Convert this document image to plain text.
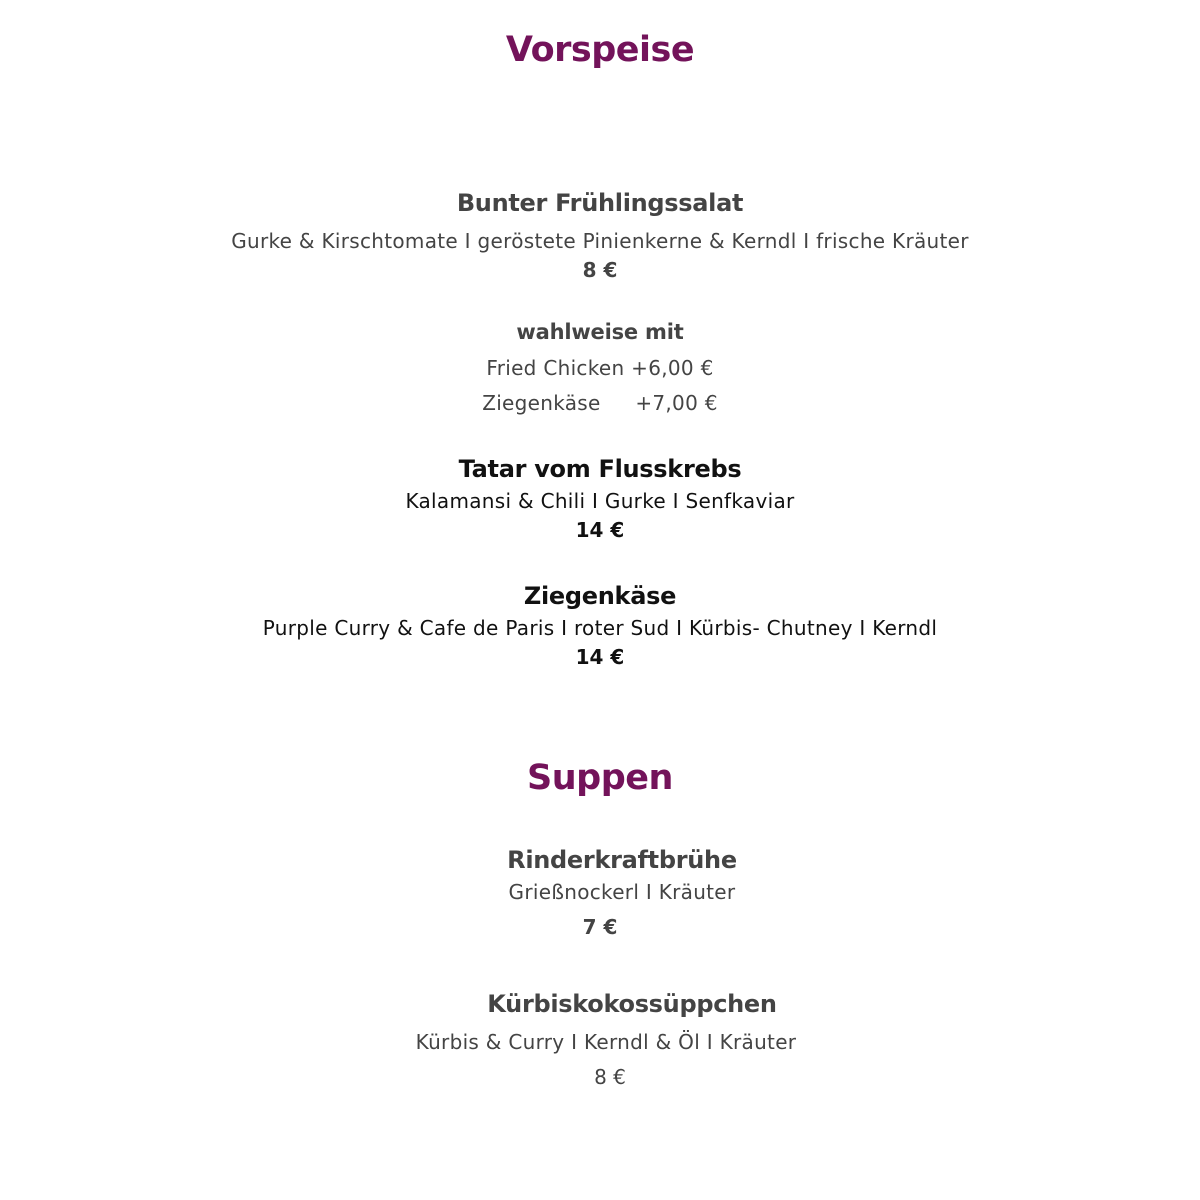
Vorspeise
Bunter Frühlingssalat
Gurke & Kirschtomate I geröstete Pinienkerne & Kerndl I frische Kräuter
8 €
wahlweise mit
Fried Chicken +6,00 €
Ziegenkäse +7,00 €
Tatar vom Flusskrebs
Kalamansi & Chili I Gurke I Senfkaviar
14 €
Ziegenkäse
Purple Curry & Cafe de Paris I roter Sud I Kürbis- Chutney I Kerndl
14 €
Suppen
Rinderkraftbrühe
Grießnockerl I Kräuter
7 €
Kürbiskokossüppchen
Kürbis & Curry I Kerndl & Öl I Kräuter
8 €
